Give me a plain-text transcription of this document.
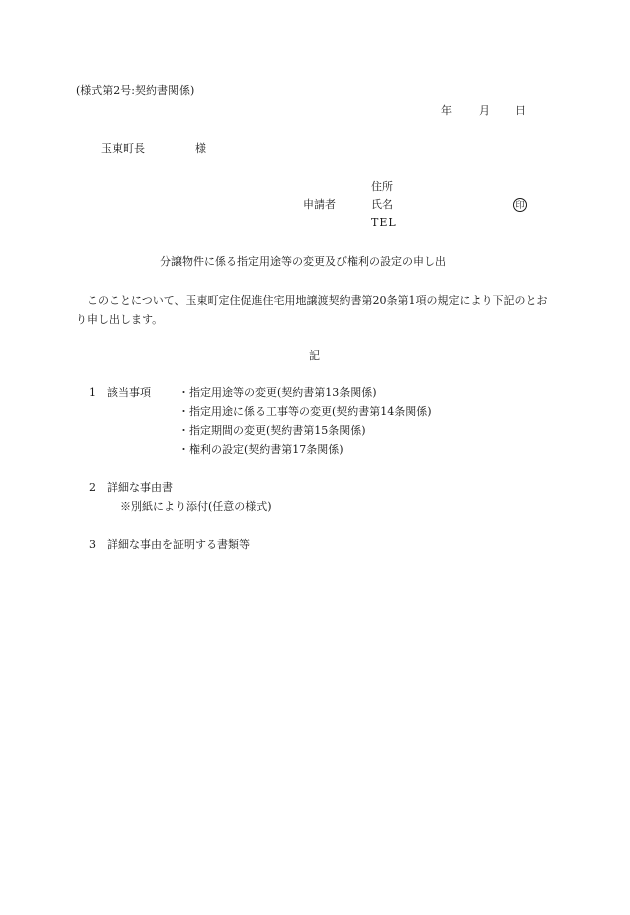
(様式第2号:契約書関係)
年 月 日
玉東町長	様
住所
申請者	氏名	印
TEL
分譲物件に係る指定用途等の変更及び権利の設定の申し出
このことについて、玉東町定住促進住宅用地譲渡契約書第20条第1項の規定により下記のとおり申し出します。
記
1 該当事項 ・指定用途等の変更(契約書第13条関係)
・指定用途に係る工事等の変更(契約書第14条関係)
・指定期間の変更(契約書第15条関係)
・権利の設定(契約書第17条関係)
2 詳細な事由書
※別紙により添付(任意の様式)
3 詳細な事由を証明する書類等
